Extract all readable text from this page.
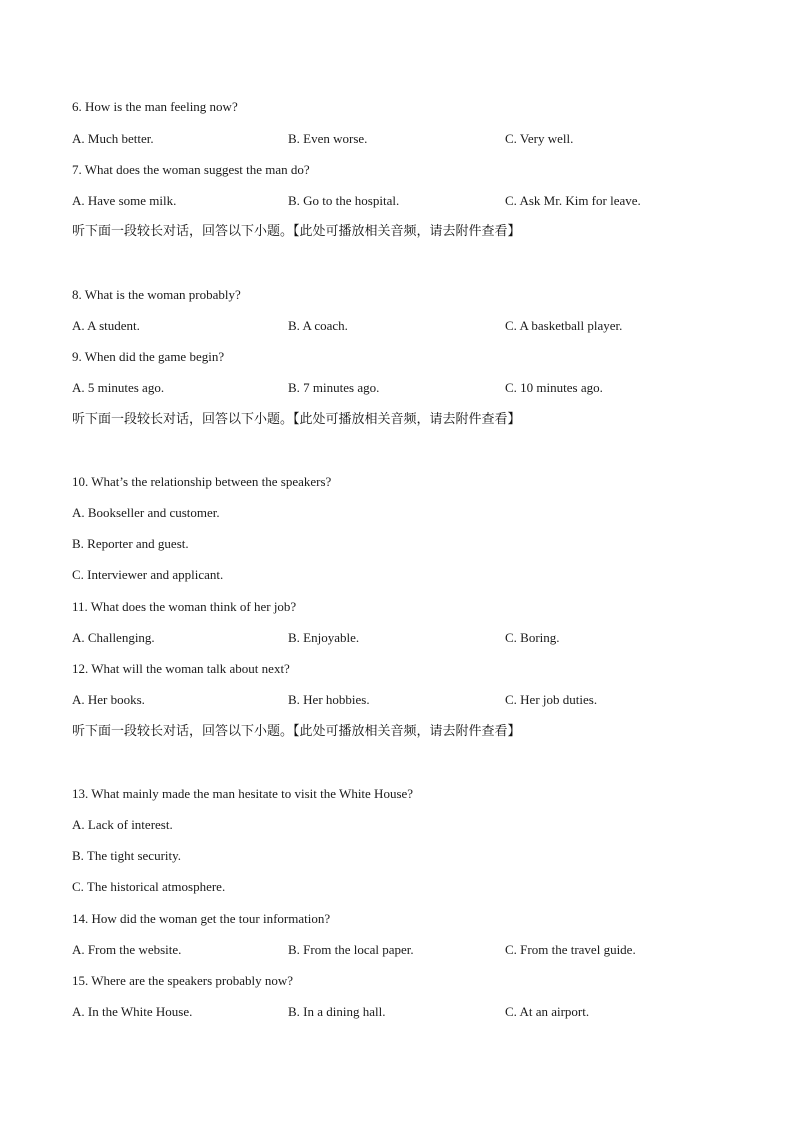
6. How is the man feeling now?
A. Much better.	B. Even worse.	C. Very well.
7. What does the woman suggest the man do?
A. Have some milk.	B. Go to the hospital.	C. Ask Mr. Kim for leave.
听下面一段较长对话，回答以下小题。【此处可播放相关音频，请去附件查看】
8. What is the woman probably?
A. A student.	B. A coach.	C. A basketball player.
9. When did the game begin?
A. 5 minutes ago.	B. 7 minutes ago.	C. 10 minutes ago.
听下面一段较长对话，回答以下小题。【此处可播放相关音频，请去附件查看】
10. What’s the relationship between the speakers?
A. Bookseller and customer.
B. Reporter and guest.
C. Interviewer and applicant.
11. What does the woman think of her job?
A. Challenging.	B. Enjoyable.	C. Boring.
12. What will the woman talk about next?
A. Her books.	B. Her hobbies.	C. Her job duties.
听下面一段较长对话，回答以下小题。【此处可播放相关音频，请去附件查看】
13. What mainly made the man hesitate to visit the White House?
A. Lack of interest.
B. The tight security.
C. The historical atmosphere.
14. How did the woman get the tour information?
A. From the website.	B. From the local paper.	C. From the travel guide.
15. Where are the speakers probably now?
A. In the White House.	B. In a dining hall.	C. At an airport.
